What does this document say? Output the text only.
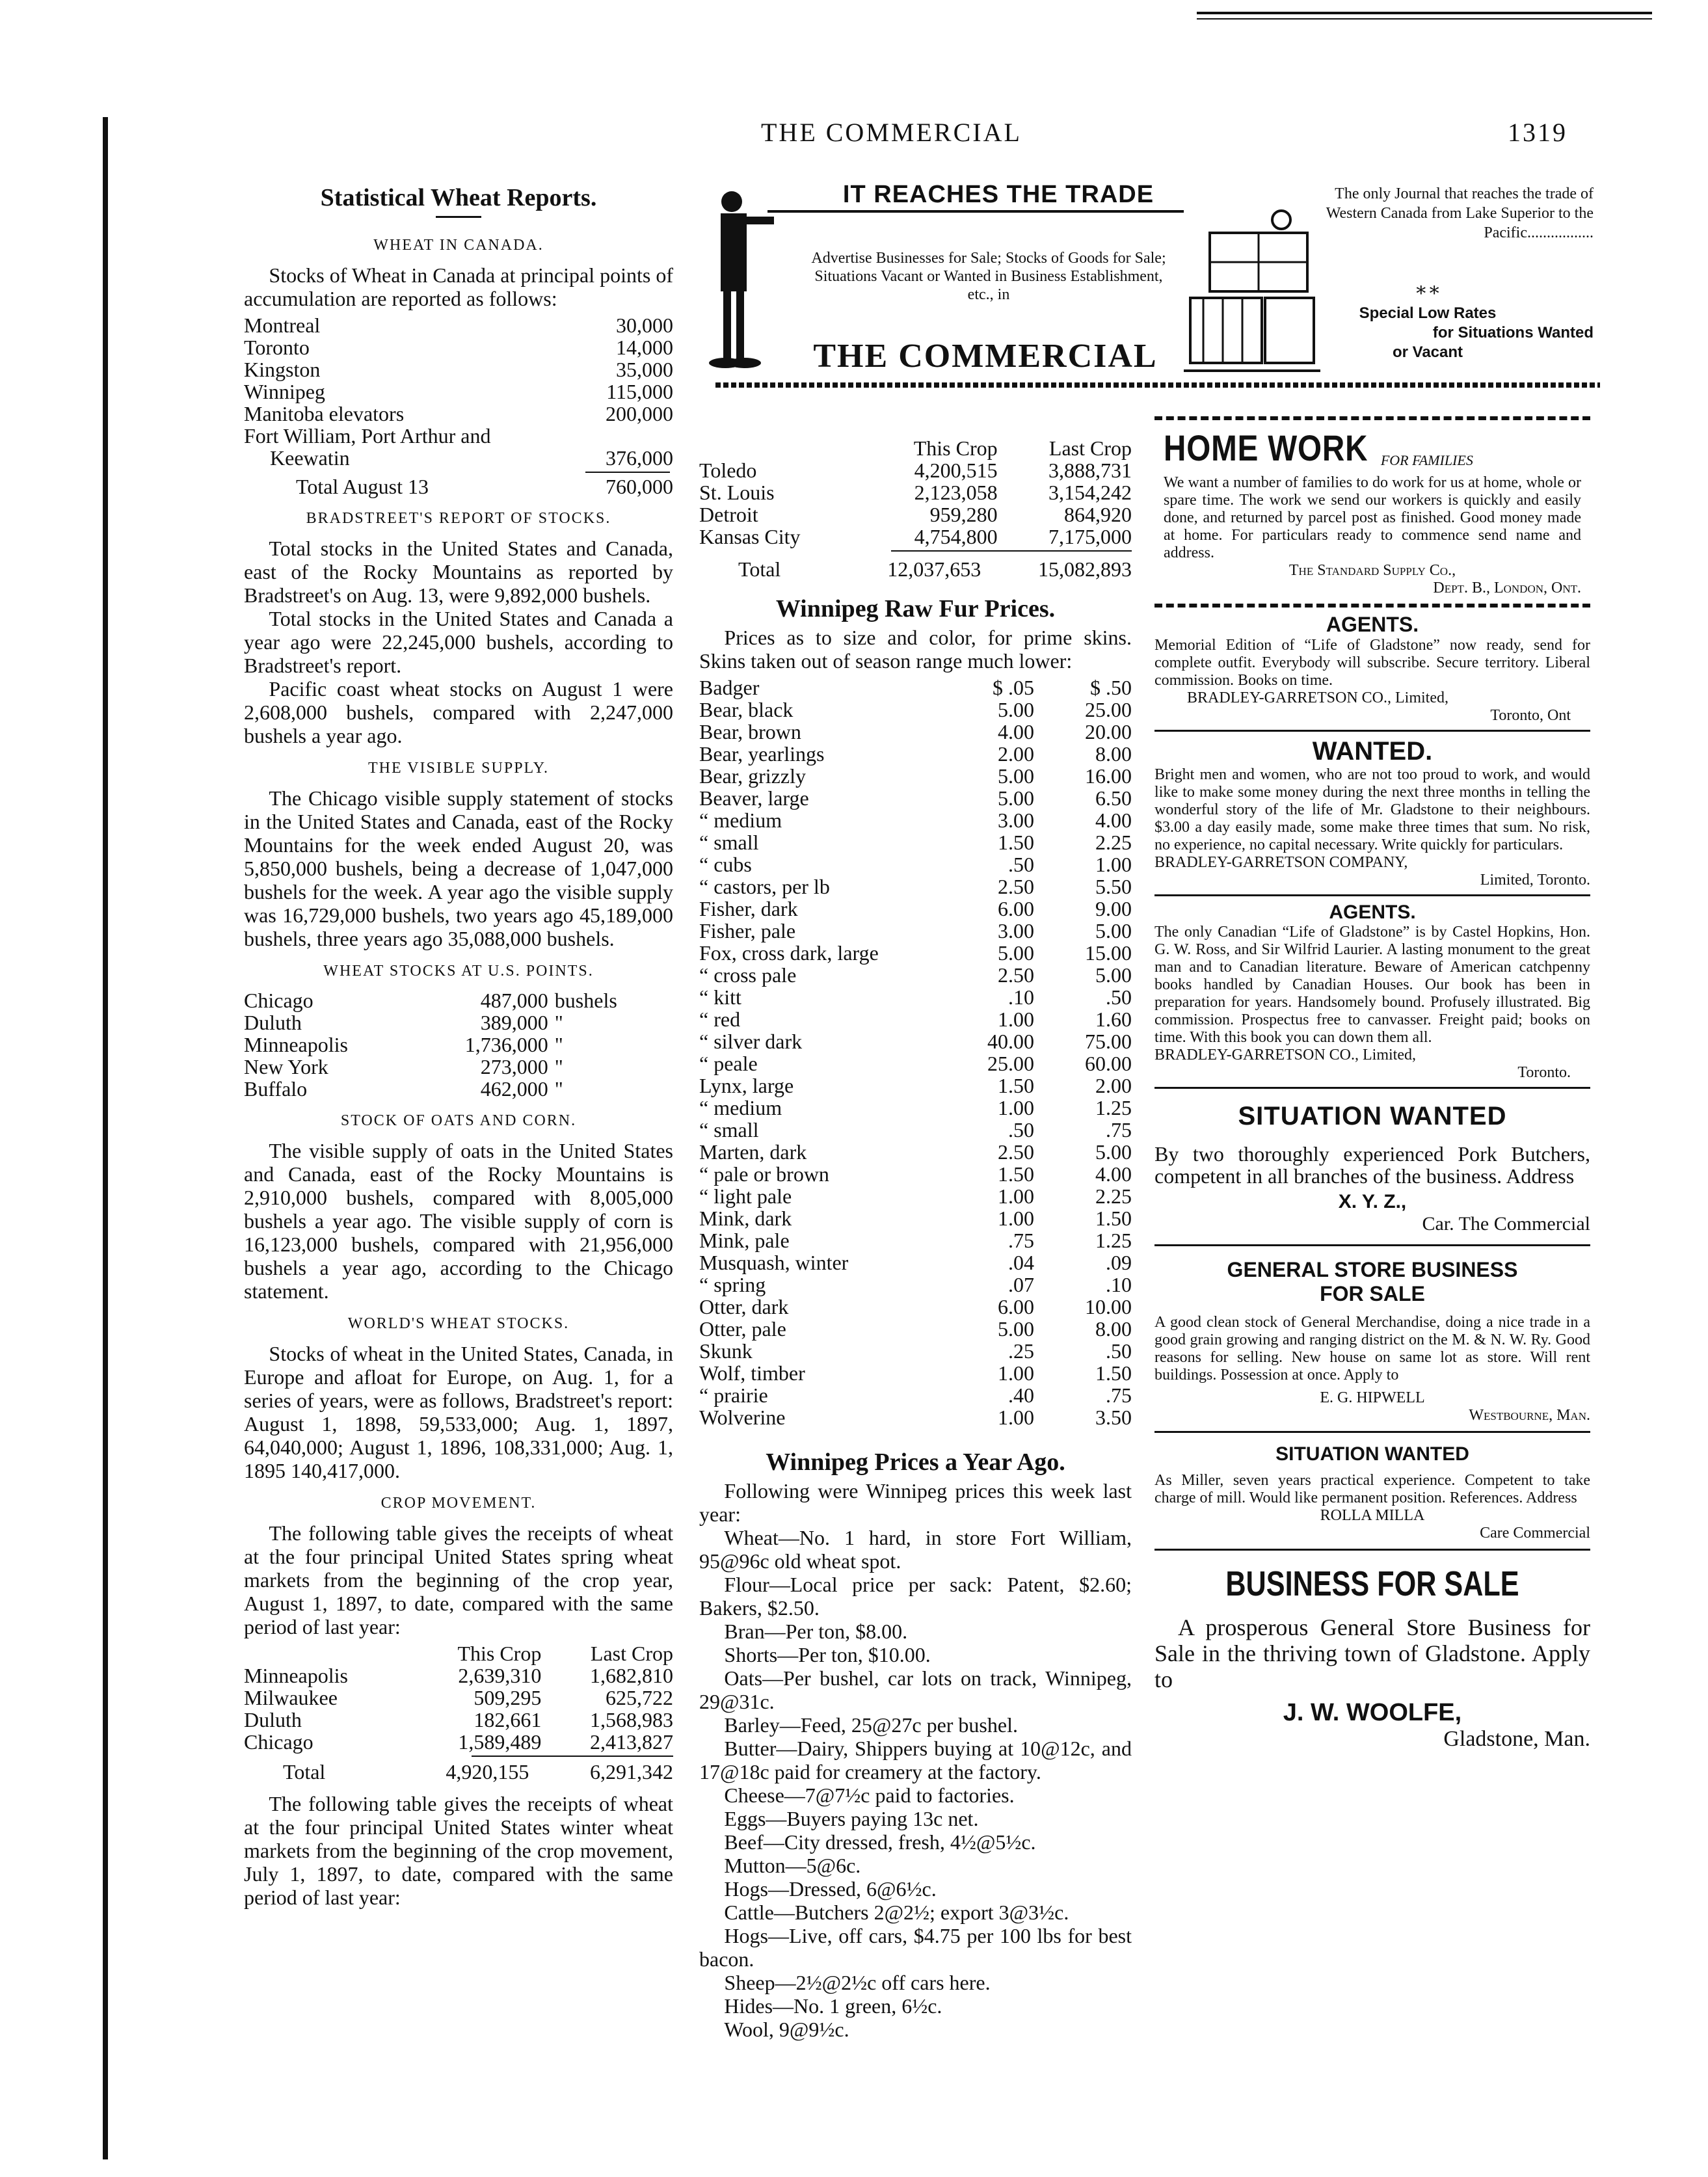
THE COMMERCIAL	1319
Statistical Wheat Reports.
WHEAT IN CANADA.

Stocks of Wheat in Canada at principal points of accumulation are reported as follows:

Montreal	30,000
Toronto	14,000
Kingston	35,000
Winnipeg	115,000
Manitoba elevators	200,000
Fort William, Port Arthur and	
Keewatin	376,000
Total August 13	760,000
BRADSTREET'S REPORT OF STOCKS.

Total stocks in the United States and Canada, east of the Rocky Mountains as reported by Bradstreet's on Aug. 13, were 9,892,000 bushels.

Total stocks in the United States and Canada a year ago were 22,245,000 bushels, according to Bradstreet's report.

Pacific coast wheat stocks on August 1 were 2,608,000 bushels, compared with 2,247,000 bushels a year ago.

THE VISIBLE SUPPLY.

The Chicago visible supply statement of stocks in the United States and Canada, east of the Rocky Mountains for the week ended August 20, was 5,850,000 bushels, being a decrease of 1,047,000 bushels for the week. A year ago the visible supply was 16,729,000 bushels, two years ago 45,189,000 bushels, three years ago 35,088,000 bushels.

WHEAT STOCKS AT U.S. POINTS.
Chicago	487,000	bushels
Duluth	389,000	"
Minneapolis	1,736,000	"
New York	273,000	"
Buffalo	462,000	"
STOCK OF OATS AND CORN.

The visible supply of oats in the United States and Canada, east of the Rocky Mountains is 2,910,000 bushels, compared with 8,005,000 bushels a year ago. The visible supply of corn is 16,123,000 bushels, compared with 21,956,000 bushels a year ago, according to the Chicago statement.

WORLD'S WHEAT STOCKS.

Stocks of wheat in the United States, Canada, in Europe and afloat for Europe, on Aug. 1, for a series of years, were as follows, Bradstreet's report: August 1, 1898, 59,533,000; Aug. 1, 1897, 64,040,000; August 1, 1896, 108,331,000; Aug. 1, 1895 140,417,000.

CROP MOVEMENT.

The following table gives the receipts of wheat at the four principal United States spring wheat markets from the beginning of the crop year, August 1, 1897, to date, compared with the same period of last year:

	This Crop	Last Crop
Minneapolis	2,639,310	1,682,810
Milwaukee	509,295	625,722
Duluth	182,661	1,568,983
Chicago	1,589,489	2,413,827
Total	4,920,155	6,291,342

The following table gives the receipts of wheat at the four principal United States winter wheat markets from the beginning of the crop movement, July 1, 1897, to date, compared with the same period of last year:

IT REACHES THE TRADE
Advertise Businesses for Sale; Stocks of Goods for Sale; Situations Vacant or Wanted in Business Establishment, etc., in
THE COMMERCIAL
The only Journal that reaches the trade of Western Canada from Lake Superior to the Pacific.................
∗∗
Special Low Rates
for Situations Wanted
or Vacant
	This Crop	Last Crop
Toledo	4,200,515	3,888,731
St. Louis	2,123,058	3,154,242
Detroit	959,280	864,920
Kansas City	4,754,800	7,175,000
Total	12,037,653	15,082,893
Winnipeg Raw Fur Prices.

Prices as to size and color, for prime skins. Skins taken out of season range much lower:

Badger	$ .05	$ .50
Bear, black	5.00	25.00
Bear, brown	4.00	20.00
Bear, yearlings	2.00	8.00
Bear, grizzly	5.00	16.00
Beaver, large	5.00	6.50
“ medium	3.00	4.00
“ small	1.50	2.25
“ cubs	.50	1.00
“ castors, per lb	2.50	5.50
Fisher, dark	6.00	9.00
Fisher, pale	3.00	5.00
Fox, cross dark, large	5.00	15.00
“ cross pale	2.50	5.00
“ kitt	.10	.50
“ red	1.00	1.60
“ silver dark	40.00	75.00
“ peale	25.00	60.00
Lynx, large	1.50	2.00
“ medium	1.00	1.25
“ small	.50	.75
Marten, dark	2.50	5.00
“ pale or brown	1.50	4.00
“ light pale	1.00	2.25
Mink, dark	1.00	1.50
Mink, pale	.75	1.25
Musquash, winter	.04	.09
“ spring	.07	.10
Otter, dark	6.00	10.00
Otter, pale	5.00	8.00
Skunk	.25	.50
Wolf, timber	1.00	1.50
“ prairie	.40	.75
Wolverine	1.00	3.50
Winnipeg Prices a Year Ago.

Following were Winnipeg prices this week last year:

Wheat—No. 1 hard, in store Fort William, 95@96c old wheat spot.

Flour—Local price per sack: Patent, $2.60; Bakers, $2.50.

Bran—Per ton, $8.00.

Shorts—Per ton, $10.00.

Oats—Per bushel, car lots on track, Winnipeg, 29@31c.

Barley—Feed, 25@27c per bushel.

Butter—Dairy, Shippers buying at 10@12c, and 17@18c paid for creamery at the factory.

Cheese—7@7½c paid to factories.

Eggs—Buyers paying 13c net.

Beef—City dressed, fresh, 4½@5½c.

Mutton—5@6c.

Hogs—Dressed, 6@6½c.

Cattle—Butchers 2@2½; export 3@3½c.

Hogs—Live, off cars, $4.75 per 100 lbs for best bacon.

Sheep—2½@2½c off cars here.

Hides—No. 1 green, 6½c.

Wool, 9@9½c.

HOME WORK FOR FAMILIES

We want a number of families to do work for us at home, whole or spare time. The work we send our workers is quickly and easily done, and returned by parcel post as finished. Good money made at home. For particulars ready to commence send name and address.

The Standard Supply Co.,
Dept. B., London, Ont.
AGENTS.

Memorial Edition of “Life of Gladstone” now ready, send for complete outfit. Everybody will subscribe. Secure territory. Liberal commission. Books on time.

BRADLEY-GARRETSON CO., Limited,
Toronto, Ont
WANTED.

Bright men and women, who are not too proud to work, and would like to make some money during the next three months in telling the wonderful story of the life of Mr. Gladstone to their neighbours. $3.00 a day easily made, some make three times that sum. No risk, no experience, no capital necessary. Write quickly for particulars.

BRADLEY-GARRETSON COMPANY,
Limited, Toronto.
AGENTS.

The only Canadian “Life of Gladstone” is by Castel Hopkins, Hon. G. W. Ross, and Sir Wilfrid Laurier. A lasting monument to the great man and to Canadian literature. Beware of American catchpenny books handled by Canadian Houses. Our book has been in preparation for years. Handsomely bound. Profusely illustrated. Big commission. Prospectus free to canvasser. Freight paid; books on time. With this book you can down them all.

BRADLEY-GARRETSON CO., Limited,
Toronto.
SITUATION WANTED

By two thoroughly experienced Pork Butchers, competent in all branches of the business. Address

X. Y. Z.,
Car. The Commercial
GENERAL STORE BUSINESS
FOR SALE

A good clean stock of General Merchandise, doing a nice trade in a good grain growing and ranging district on the M. & N. W. Ry. Good reasons for selling. New house on same lot as store. Will rent buildings. Possession at once. Apply to

E. G. HIPWELL
Westbourne, Man.
SITUATION WANTED

As Miller, seven years practical experience. Competent to take charge of mill. Would like permanent position. References. Address

ROLLA MILLA
Care Commercial
BUSINESS FOR SALE

A prosperous General Store Business for Sale in the thriving town of Gladstone. Apply to

J. W. WOOLFE,
Gladstone, Man.
